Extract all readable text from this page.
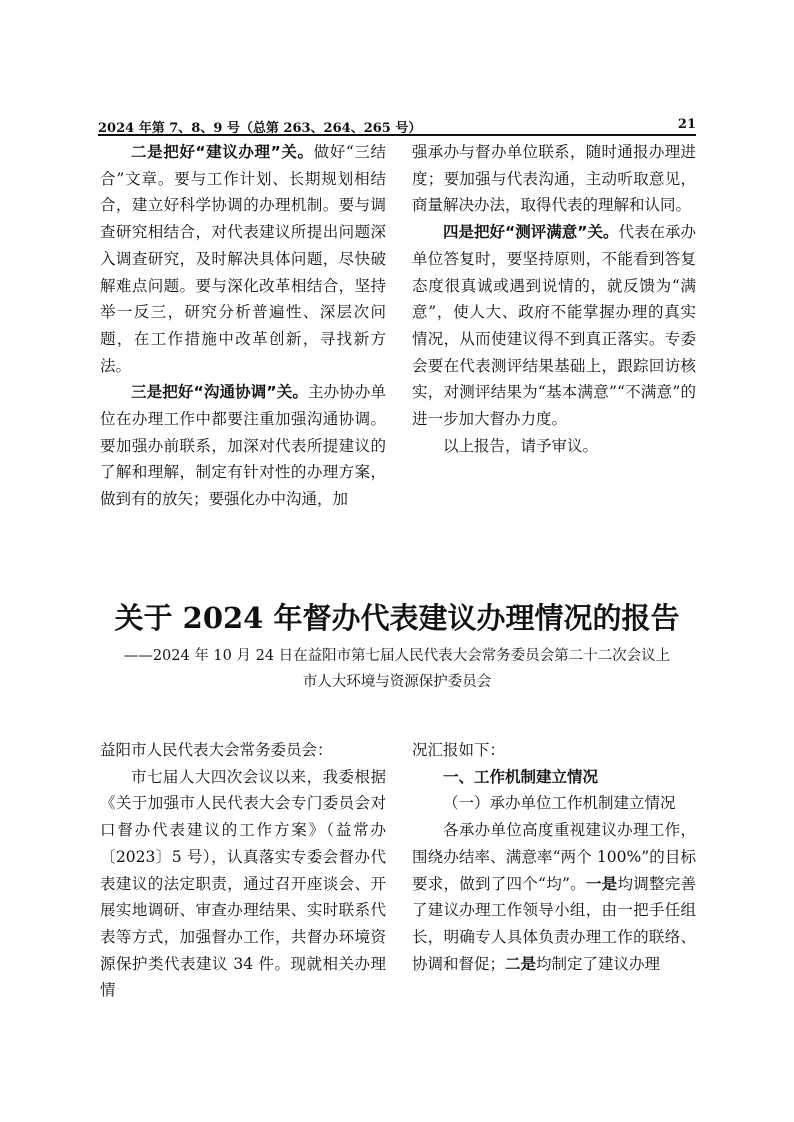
2024 年第 7、8、9 号（总第 263、264、265 号）	21

二是把好“建议办理”关。做好“三结合”文章。要与工作计划、长期规划相结合，建立好科学协调的办理机制。要与调查研究相结合，对代表建议所提出问题深入调查研究，及时解决具体问题，尽快破解难点问题。要与深化改革相结合，坚持举一反三，研究分析普遍性、深层次问题，在工作措施中改革创新，寻找新方法。

三是把好“沟通协调”关。主办协办单位在办理工作中都要注重加强沟通协调。要加强办前联系，加深对代表所提建议的了解和理解，制定有针对性的办理方案，做到有的放矢；要强化办中沟通，加

强承办与督办单位联系，随时通报办理进度；要加强与代表沟通，主动听取意见，商量解决办法，取得代表的理解和认同。

四是把好“测评满意”关。代表在承办单位答复时，要坚持原则，不能看到答复态度很真诚或遇到说情的，就反馈为“满意”，使人大、政府不能掌握办理的真实情况，从而使建议得不到真正落实。专委会要在代表测评结果基础上，跟踪回访核实，对测评结果为“基本满意”“不满意”的进一步加大督办力度。

以上报告，请予审议。

关于 2024 年督办代表建议办理情况的报告
——2024 年 10 月 24 日在益阳市第七届人民代表大会常务委员会第二十二次会议上
市人大环境与资源保护委员会

益阳市人民代表大会常务委员会：

市七届人大四次会议以来，我委根据《关于加强市人民代表大会专门委员会对口督办代表建议的工作方案》（益常办〔2023〕5 号），认真落实专委会督办代表建议的法定职责，通过召开座谈会、开展实地调研、审查办理结果、实时联系代表等方式，加强督办工作，共督办环境资源保护类代表建议 34 件。现就相关办理情

况汇报如下：

一、工作机制建立情况

（一）承办单位工作机制建立情况

各承办单位高度重视建议办理工作，围绕办结率、满意率“两个 100%”的目标要求，做到了四个“均”。一是均调整完善了建议办理工作领导小组，由一把手任组长，明确专人具体负责办理工作的联络、协调和督促；二是均制定了建议办理
